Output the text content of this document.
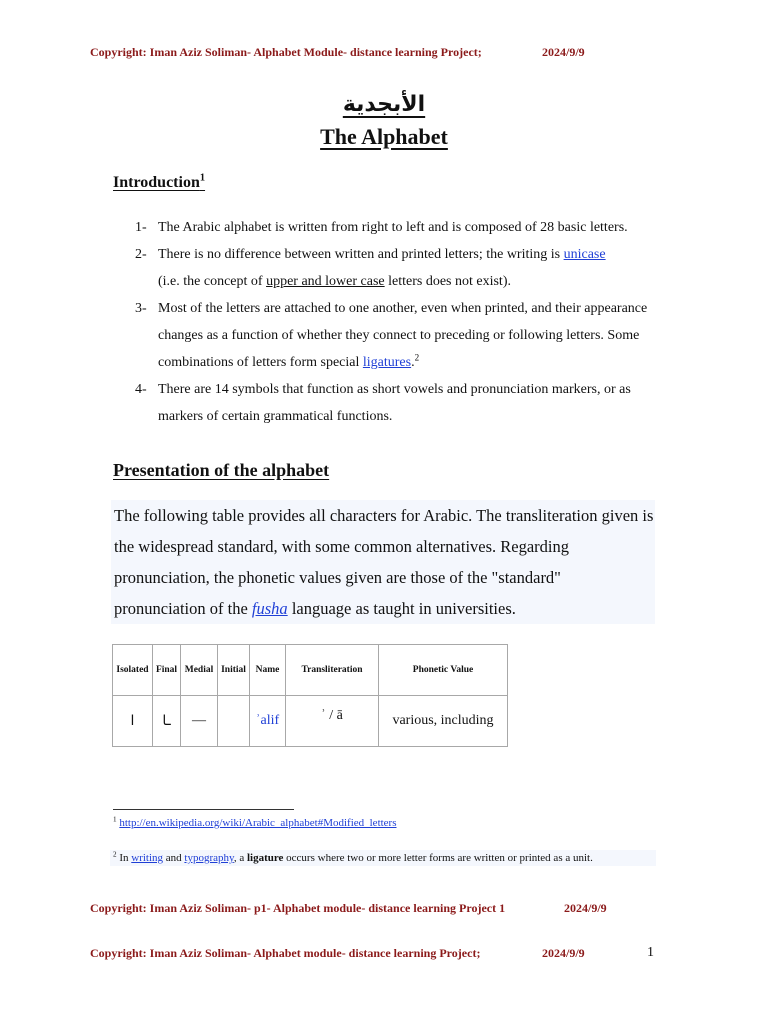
Copyright: Iman Aziz Soliman- Alphabet Module- distance learning Project;	2024/9/9
الأبجدية
The Alphabet
Introduction$^1$
1- The Arabic alphabet is written from right to left and is composed of 28 basic letters.
2- There is no difference between written and printed letters; the writing is unicase
(i.e. the concept of upper and lower case letters does not exist).
3- Most of the letters are attached to one another, even when printed, and their appearance changes as a function of whether they connect to preceding or following letters. Some combinations of letters form special ligatures.$^2$
4- There are 14 symbols that function as short vowels and pronunciation markers, or as markers of certain grammatical functions.
Presentation of the alphabet
The following table provides all characters for Arabic. The transliteration given is the widespread standard, with some common alternatives. Regarding pronunciation, the phonetic values given are those of the "standard" pronunciation of the fusha language as taught in universities.
Isolated	Final	Medial	Initial	Name	Transliteration	Phonetic Value
ا	ـا	—		ʾalif	ʾ / ā	various, including
$^1$ http://en.wikipedia.org/wiki/Arabic_alphabet#Modified_letters
$^2$ In writing and typography, a ligature occurs where two or more letter forms are written or printed as a unit.
Copyright: Iman Aziz Soliman- p1- Alphabet module- distance learning Project 1	2024/9/9
Copyright: Iman Aziz Soliman- Alphabet module- distance learning Project;	2024/9/9	1
